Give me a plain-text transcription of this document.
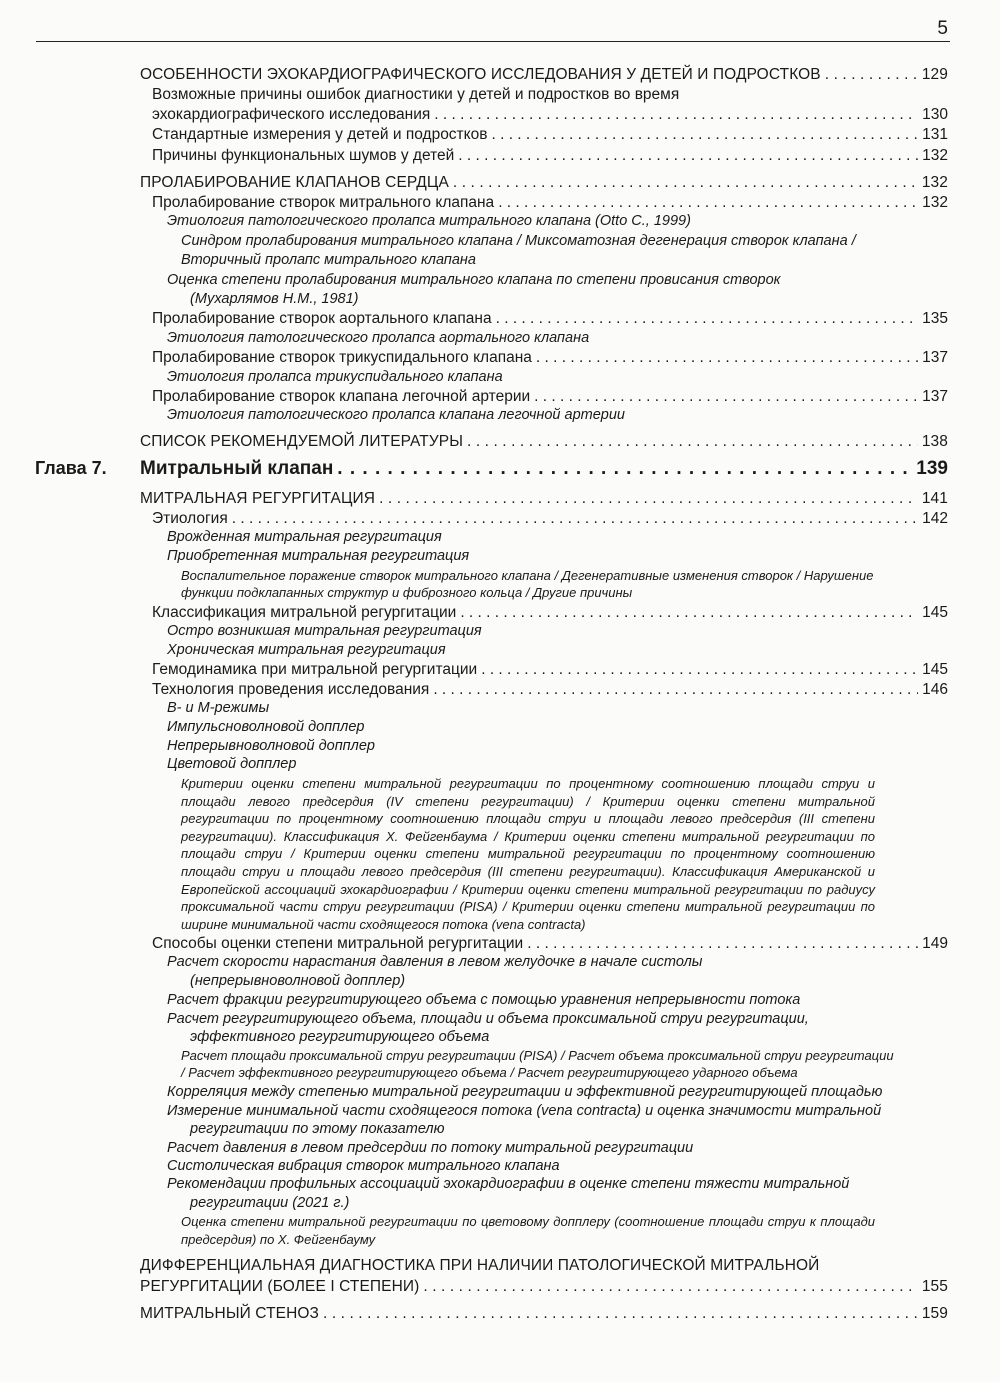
5
ОСОБЕННОСТИ ЭХОКАРДИОГРАФИЧЕСКОГО ИССЛЕДОВАНИЯ У ДЕТЕЙ И ПОДРОСТКОВ . . .	129
Возможные причины ошибок диагностики у детей и подростков во время
эхокардиографического исследования . . .	130
Стандартные измерения у детей и подростков . . .	131
Причины функциональных шумов у детей . . .	132
ПРОЛАБИРОВАНИЕ КЛАПАНОВ СЕРДЦА . . .	132
Пролабирование створок митрального клапана . . .	132
Этиология патологического пролапса митрального клапана (Otto C., 1999)
Синдром пролабирования митрального клапана / Миксоматозная дегенерация створок клапана /
Вторичный пролапс митрального клапана
Оценка степени пролабирования митрального клапана по степени провисания створок
(Мухарлямов Н.М., 1981)
Пролабирование створок аортального клапана . . .	135
Этиология патологического пролапса аортального клапана
Пролабирование створок трикуспидального клапана . . .	137
Этиология пролапса трикуспидального клапана
Пролабирование створок клапана легочной артерии . . .	137
Этиология патологического пролапса клапана легочной артерии
СПИСОК РЕКОМЕНДУЕМОЙ ЛИТЕРАТУРЫ . . .	138
Глава 7. Митральный клапан . . .	139
МИТРАЛЬНАЯ РЕГУРГИТАЦИЯ . . .	141
Этиология . . .	142
Врожденная митральная регургитация
Приобретенная митральная регургитация
Воспалительное поражение створок митрального клапана / Дегенеративные изменения створок / Нарушение
функции подклапанных структур и фиброзного кольца / Другие причины
Классификация митральной регургитации . . .	145
Остро возникшая митральная регургитация
Хроническая митральная регургитация
Гемодинамика при митральной регургитации . . .	145
Технология проведения исследования . . .	146
B- и М-режимы
Импульсноволновой допплер
Непрерывноволновой допплер
Цветовой допплер
Критерии оценки степени митральной регургитации по процентному соотношению площади струи и площади левого предсердия (IV степени регургитации) / Критерии оценки степени митральной регургитации по процентному соотношению площади струи и площади левого предсердия (III степени регургитации). Классификация Х. Фейгенбаума / Критерии оценки степени митральной регургитации по площади струи / Критерии оценки степени митральной регургитации по процентному соотношению площади струи и площади левого предсердия (III степени регургитации). Классификация Американской и Европейской ассоциаций эхокардиографии / Критерии оценки степени митральной регургитации по радиусу проксимальной части струи регургитации (PISA) / Критерии оценки степени митральной регургитации по ширине минимальной части сходящегося потока (vena contracta)
Способы оценки степени митральной регургитации . . .	149
Расчет скорости нарастания давления в левом желудочке в начале систолы
(непрерывноволновой допплер)
Расчет фракции регургитирующего объема с помощью уравнения непрерывности потока
Расчет регургитирующего объема, площади и объема проксимальной струи регургитации,
эффективного регургитирующего объема
Расчет площади проксимальной струи регургитации (PISA) / Расчет объема проксимальной струи регургитации
/ Расчет эффективного регургитирующего объема / Расчет регургитирующего ударного объема
Корреляция между степенью митральной регургитации и эффективной регургитирующей площадью
Измерение минимальной части сходящегося потока (vena contracta) и оценка значимости митральной
регургитации по этому показателю
Расчет давления в левом предсердии по потоку митральной регургитации
Систолическая вибрация створок митрального клапана
Рекомендации профильных ассоциаций эхокардиографии в оценке степени тяжести митральной
регургитации (2021 г.)
Оценка степени митральной регургитации по цветовому допплеру (соотношение площади струи к площади предсердия) по Х. Фейгенбауму
ДИФФЕРЕНЦИАЛЬНАЯ ДИАГНОСТИКА ПРИ НАЛИЧИИ ПАТОЛОГИЧЕСКОЙ МИТРАЛЬНОЙ
РЕГУРГИТАЦИИ (БОЛЕЕ I СТЕПЕНИ) . . .	155
МИТРАЛЬНЫЙ СТЕНОЗ . . .	159
